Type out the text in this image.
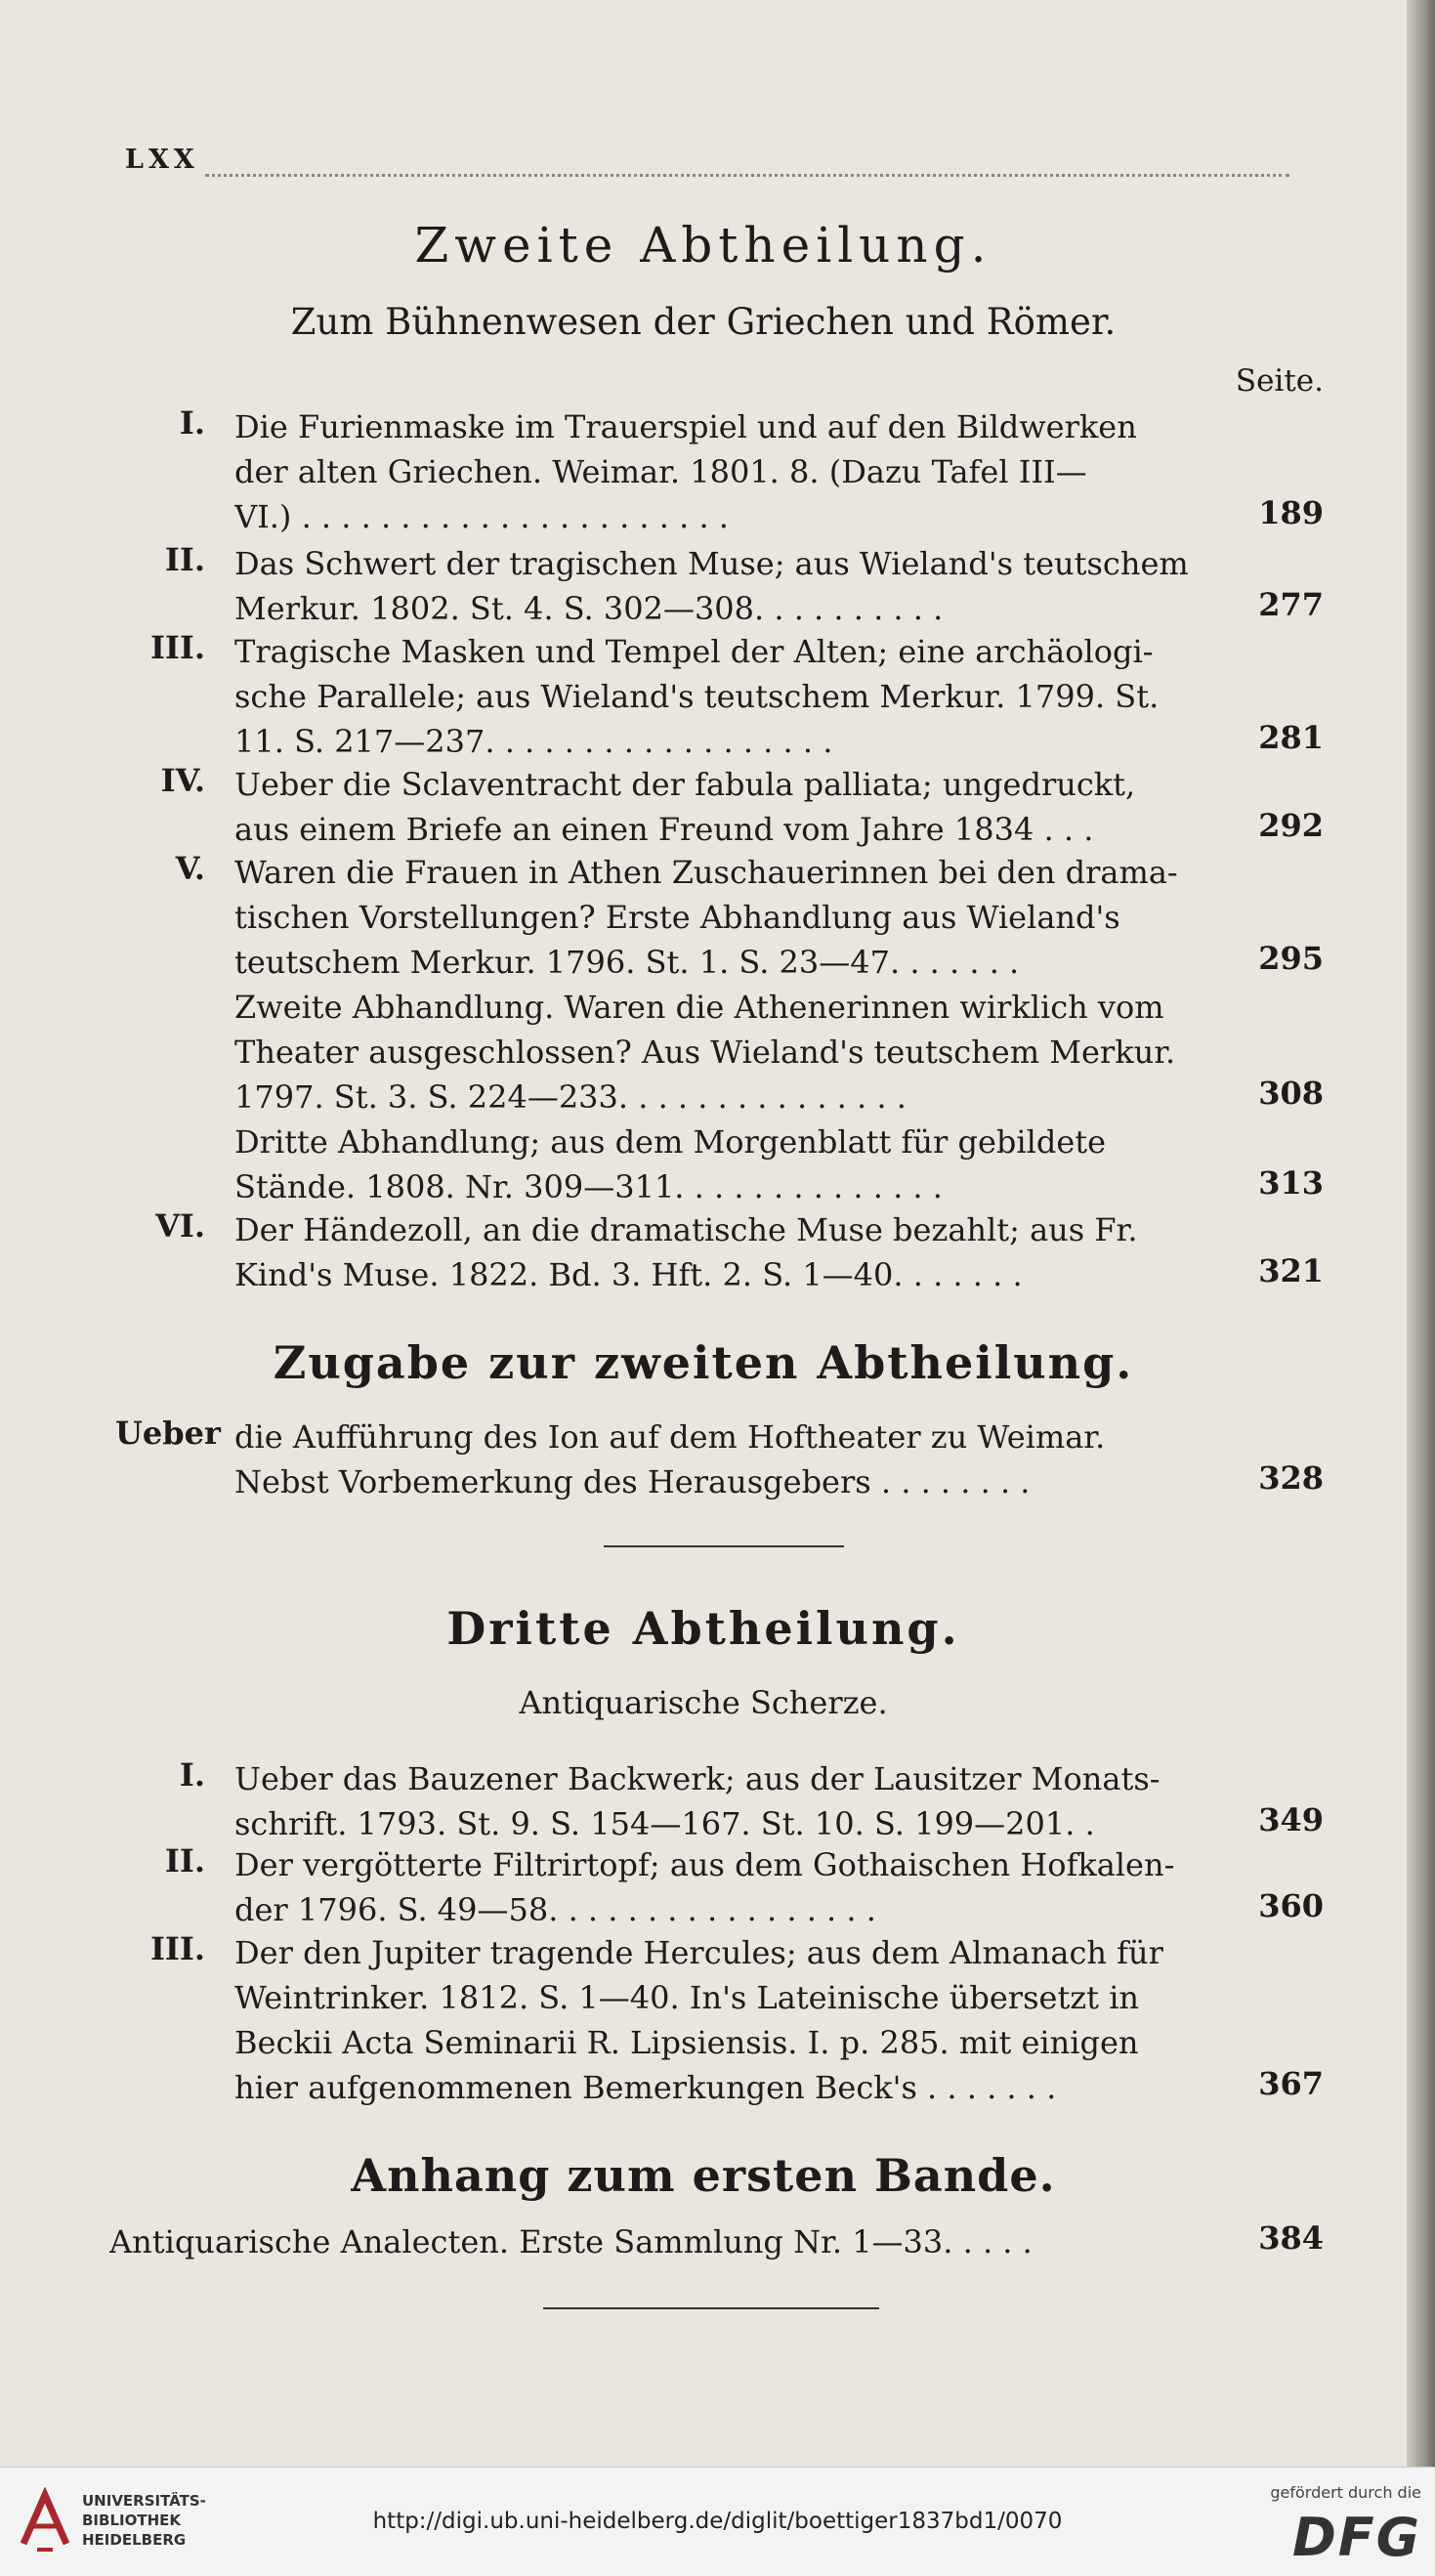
LXX
Zweite Abtheilung.
Zum Bühnenwesen der Griechen und Römer.
Seite.
I. Die Furienmaske im Trauerspiel und auf den Bildwerken
der alten Griechen. Weimar. 1801. 8. (Dazu Tafel III—
VI.) . . . . . . . . . . . . . . . . . . . . . .	189
II. Das Schwert der tragischen Muse; aus Wieland's teutschem
Merkur. 1802. St. 4. S. 302—308. . . . . . . . . .	277
III. Tragische Masken und Tempel der Alten; eine archäologi-
sche Parallele; aus Wieland's teutschem Merkur. 1799. St.
11. S. 217—237. . . . . . . . . . . . . . . . . .	281
IV. Ueber die Sclaventracht der fabula palliata; ungedruckt,
aus einem Briefe an einen Freund vom Jahre 1834 . . .	292
V. Waren die Frauen in Athen Zuschauerinnen bei den drama-
tischen Vorstellungen? Erste Abhandlung aus Wieland's
teutschem Merkur. 1796. St. 1. S. 23—47. . . . . . .	295
Zweite Abhandlung. Waren die Athenerinnen wirklich vom
Theater ausgeschlossen? Aus Wieland's teutschem Merkur.
1797. St. 3. S. 224—233. . . . . . . . . . . . . . .	308
Dritte Abhandlung; aus dem Morgenblatt für gebildete
Stände. 1808. Nr. 309—311. . . . . . . . . . . . . .	313
VI. Der Händezoll, an die dramatische Muse bezahlt; aus Fr.
Kind's Muse. 1822. Bd. 3. Hft. 2. S. 1—40. . . . . . .	321
Zugabe zur zweiten Abtheilung.
Ueber die Aufführung des Ion auf dem Hoftheater zu Weimar.
Nebst Vorbemerkung des Herausgebers . . . . . . . .	328
Dritte Abtheilung.
Antiquarische Scherze.
I. Ueber das Bauzener Backwerk; aus der Lausitzer Monats-
schrift. 1793. St. 9. S. 154—167. St. 10. S. 199—201. .	349
II. Der vergötterte Filtrirtopf; aus dem Gothaischen Hofkalen-
der 1796. S. 49—58. . . . . . . . . . . . . . . . .	360
III. Der den Jupiter tragende Hercules; aus dem Almanach für
Weintrinker. 1812. S. 1—40. In's Lateinische übersetzt in
Beckii Acta Seminarii R. Lipsiensis. I. p. 285. mit einigen
hier aufgenommenen Bemerkungen Beck's . . . . . . .	367
Anhang zum ersten Bande.
Antiquarische Analecten. Erste Sammlung Nr. 1—33. . . . .	384
UNIVERSITÄTS-
BIBLIOTHEK
HEIDELBERG
http://digi.ub.uni-heidelberg.de/diglit/boettiger1837bd1/0070
gefördert durch die
DFG
